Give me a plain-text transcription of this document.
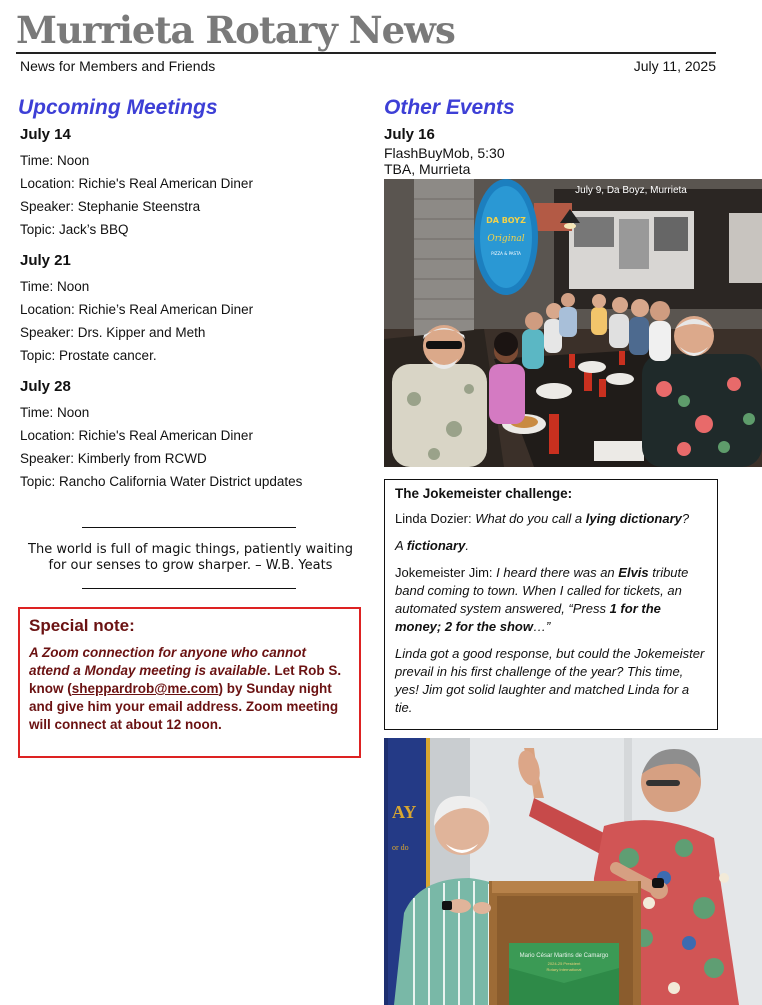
Murrieta Rotary News
News for Members and Friends	July 11, 2025
Upcoming Meetings
July 14
Time: Noon
Location: Richie's Real American Diner
Speaker: Stephanie Steenstra
Topic: Jack’s BBQ
July 21
Time: Noon
Location: Richie’s Real American Diner
Speaker: Drs. Kipper and Meth
Topic: Prostate cancer.
July 28
Time: Noon
Location: Richie's Real American Diner
Speaker: Kimberly from RCWD
Topic: Rancho California Water District updates
The world is full of magic things, patiently waiting for our senses to grow sharper. – W.B. Yeats
Special note:
A Zoom connection for anyone who cannot attend a Monday meeting is available. Let Rob S. know (sheppardrob@me.com) by Sunday night and give him your email address. Zoom meeting will connect at about 12 noon.
Other Events
July 16
FlashBuyMob, 5:30
TBA, Murrieta
DA BOYZ
Original
PIZZA & PASTA
July 9, Da Boyz, Murrieta
The Jokemeister challenge:
Linda Dozier: What do you call a lying dictionary?
A fictionary.
Jokemeister Jim: I heard there was an Elvis tribute band coming to town. When I called for tickets, an automated system answered, “Press 1 for the money; 2 for the show…”
Linda got a good response, but could the Jokemeister prevail in his first challenge of the year? This time, yes! Jim got solid laughter and matched Linda for a tie.
AY
or do
Mario César Martins de Camargo
2024-25 President
Rotary International
